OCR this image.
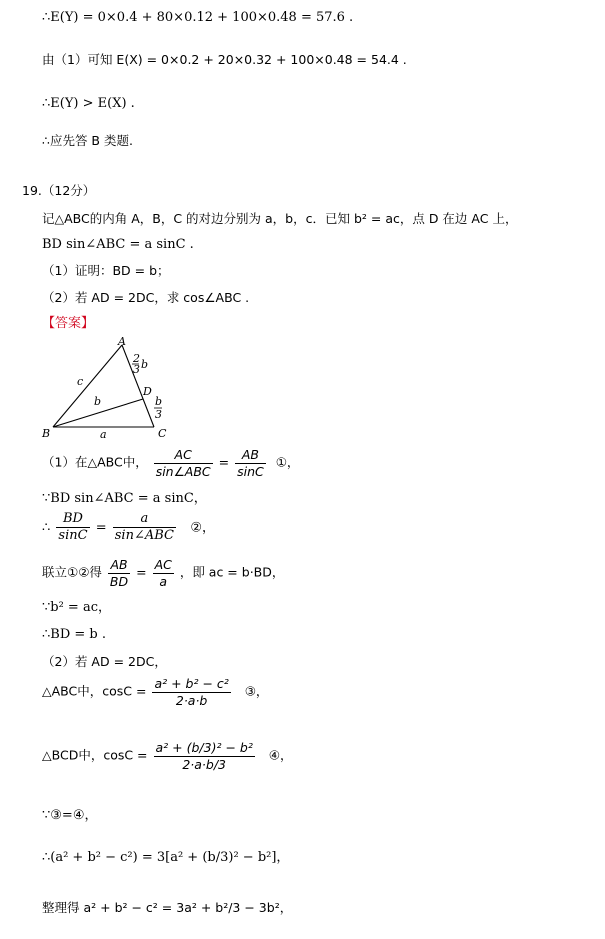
∴E(Y) = 0×0.4 + 80×0.12 + 100×0.48 = 57.6 .
由（1）可知 E(X) = 0×0.2 + 20×0.32 + 100×0.48 = 54.4 .
∴E(Y) > E(X) .
∴应先答 B 类题.
19.（12分）
记△ABC的内角 A，B，C 的对边分别为 a，b，c．已知 b² = ac，点 D 在边 AC 上，
BD sin∠ABC = a sinC .
（1）证明：BD = b；
（2）若 AD = 2DC，求 cos∠ABC .
【答案】
A
B	C
D
a
b
c
2
3 b
b
3
（1）在△ABC中， $\frac{AC}{\text{sin∠ABC}} = \frac{AB}{\sin C}$ ①，
∵BD sin∠ABC = a sinC，
∴ $\frac{BD}{\sin C} = \frac{a}{\text{sin∠ABC}}$ ②，
联立①②得 $\frac{AB}{BD} = \frac{AC}{a}$ ，即 ac = b·BD，
∵b² = ac，
∴BD = b .
（2）若 AD = 2DC，
△ABC中，$\cos C = \frac{\text{a² + b² − c²}}{2\cdot a\cdot b}$ ③，
△BCD中，$\cos C = \frac{\text{a² + (b/3)² − b²}}{2\cdot a\cdot b/3}$ ④，
∵③=④，
∴(a² + b² − c²) = 3[a² + (b/3)² − b²]，
整理得 a² + b² − c² = 3a² + b²/3 − 3b²，
